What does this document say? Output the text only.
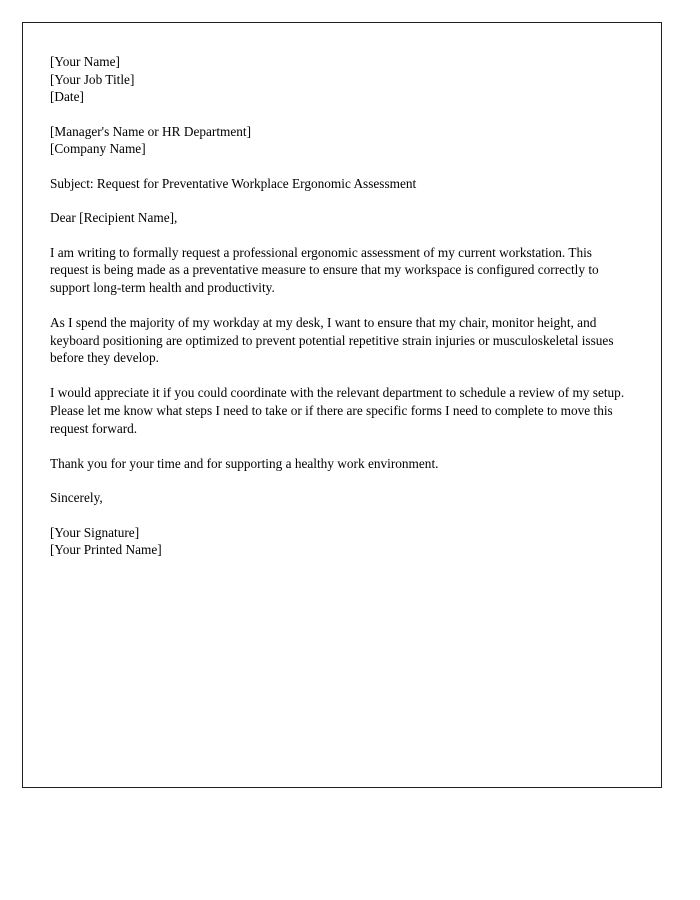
[Your Name]
[Your Job Title]
[Date]
[Manager's Name or HR Department]
[Company Name]
Subject: Request for Preventative Workplace Ergonomic Assessment
Dear [Recipient Name],

I am writing to formally request a professional ergonomic assessment of my current workstation. This request is being made as a preventative measure to ensure that my workspace is configured correctly to support long-term health and productivity.

As I spend the majority of my workday at my desk, I want to ensure that my chair, monitor height, and keyboard positioning are optimized to prevent potential repetitive strain injuries or musculoskeletal issues before they develop.

I would appreciate it if you could coordinate with the relevant department to schedule a review of my setup. Please let me know what steps I need to take or if there are specific forms I need to complete to move this request forward.

Thank you for your time and for supporting a healthy work environment.

Sincerely,
[Your Signature]
[Your Printed Name]
